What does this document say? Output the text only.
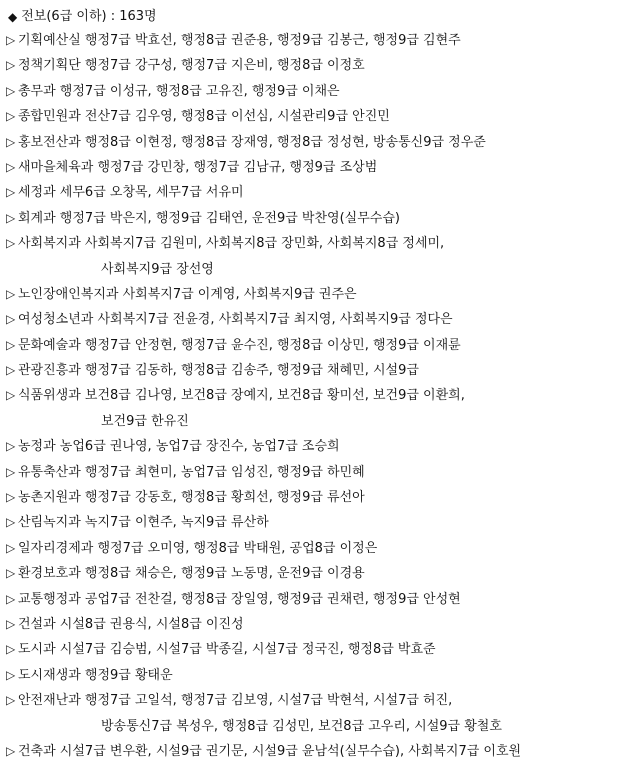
◆ 전보(6급 이하) : 163명
▷ 기획예산실 행정7급 박효선, 행정8급 권준용, 행정9급 김봉근, 행정9급 김현주
▷ 정책기획단 행정7급 강구성, 행정7급 지은비, 행정8급 이정호
▷ 총무과 행정7급 이성규, 행정8급 고유진, 행정9급 이채은
▷ 종합민원과 전산7급 김우영, 행정8급 이선심, 시설관리9급 안진민
▷ 홍보전산과 행정8급 이현정, 행정8급 장재영, 행정8급 정성현, 방송통신9급 정우준
▷ 새마을체육과 행정7급 강민창, 행정7급 김남규, 행정9급 조상범
▷ 세정과 세무6급 오창목, 세무7급 서유미
▷ 회계과 행정7급 박은지, 행정9급 김태연, 운전9급 박찬영(실무수습)
▷ 사회복지과 사회복지7급 김원미, 사회복지8급 장민화, 사회복지8급 정세미,
사회복지9급 장선영
▷ 노인장애인복지과 사회복지7급 이계영, 사회복지9급 권주은
▷ 여성청소년과 사회복지7급 전윤경, 사회복지7급 최지영, 사회복지9급 정다은
▷ 문화예술과 행정7급 안정현, 행정7급 윤수진, 행정8급 이상민, 행정9급 이재륜
▷ 관광진흥과 행정7급 김동하, 행정8급 김송주, 행정9급 채혜민, 시설9급
▷ 식품위생과 보건8급 김나영, 보건8급 장예지, 보건8급 황미선, 보건9급 이환희,
보건9급 한유진
▷ 농정과 농업6급 권나영, 농업7급 장진수, 농업7급 조승희
▷ 유통축산과 행정7급 최현미, 농업7급 임성진, 행정9급 하민혜
▷ 농촌지원과 행정7급 강동호, 행정8급 황희선, 행정9급 류선아
▷ 산림녹지과 녹지7급 이현주, 녹지9급 류산하
▷ 일자리경제과 행정7급 오미영, 행정8급 박태원, 공업8급 이정은
▷ 환경보호과 행정8급 채승은, 행정9급 노동명, 운전9급 이경용
▷ 교통행정과 공업7급 전찬걸, 행정8급 장일영, 행정9급 권채련, 행정9급 안성현
▷ 건설과 시설8급 권용식, 시설8급 이진성
▷ 도시과 시설7급 김승범, 시설7급 박종길, 시설7급 정국진, 행정8급 박효준
▷ 도시재생과 행정9급 황태운
▷ 안전재난과 행정7급 고일석, 행정7급 김보영, 시설7급 박현석, 시설7급 허진,
방송통신7급 복성우, 행정8급 김성민, 보건8급 고우리, 시설9급 황철호
▷ 건축과 시설7급 변우환, 시설9급 권기문, 시설9급 윤남석(실무수습), 사회복지7급 이호원
